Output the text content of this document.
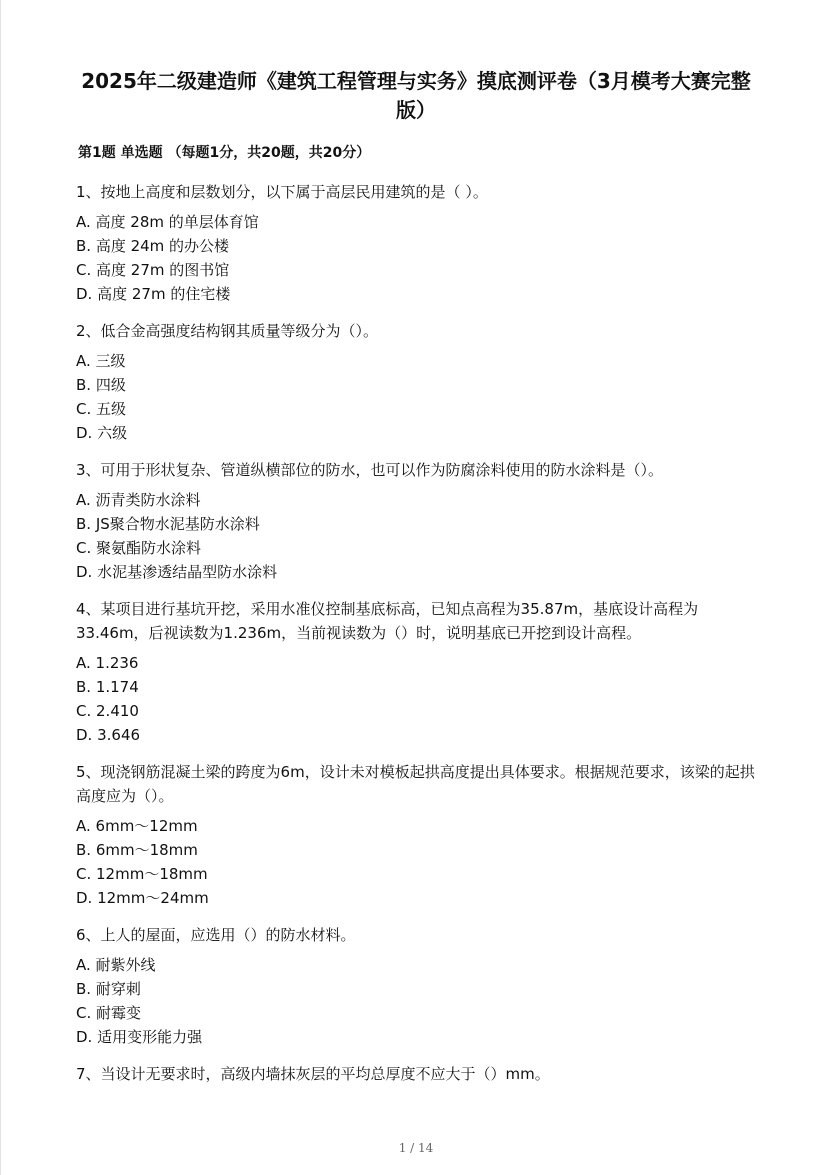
2025年二级建造师《建筑工程管理与实务》摸底测评卷（3月模考大赛完整版）
第1题 单选题 （每题1分，共20题，共20分）
1、按地上高度和层数划分，以下属于高层民用建筑的是（ ）。
A. 高度 28m 的单层体育馆
B. 高度 24m 的办公楼
C. 高度 27m 的图书馆
D. 高度 27m 的住宅楼
2、低合金高强度结构钢其质量等级分为（）。
A. 三级
B. 四级
C. 五级
D. 六级
3、可用于形状复杂、管道纵横部位的防水，也可以作为防腐涂料使用的防水涂料是（）。
A. 沥青类防水涂料
B. JS聚合物水泥基防水涂料
C. 聚氨酯防水涂料
D. 水泥基渗透结晶型防水涂料
4、某项目进行基坑开挖，采用水准仪控制基底标高，已知点高程为35.87m，基底设计高程为33.46m，后视读数为1.236m，当前视读数为（）时，说明基底已开挖到设计高程。
A. 1.236
B. 1.174
C. 2.410
D. 3.646
5、现浇钢筋混凝土梁的跨度为6m，设计未对模板起拱高度提出具体要求。根据规范要求，该梁的起拱高度应为（）。
A. 6mm～12mm
B. 6mm～18mm
C. 12mm～18mm
D. 12mm～24mm
6、上人的屋面，应选用（）的防水材料。
A. 耐紫外线
B. 耐穿刺
C. 耐霉变
D. 适用变形能力强
7、当设计无要求时，高级内墙抹灰层的平均总厚度不应大于（）mm。
1 / 14
